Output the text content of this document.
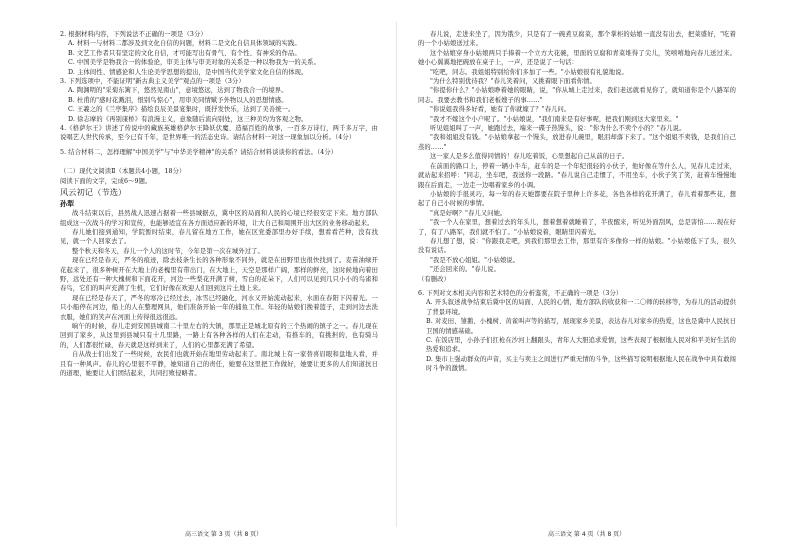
2. 根据材料内容，下列说法不正确的一项是（3分）

A. 材料一与材料二都涉及到文化自信的问题，材料二是文化自信具体领域的实践。

B. 文艺工作者只有坚定的文化自信，才可能写出有骨气、有个性、有神采的作品。

C. 中国美学是物我合一的体验论，审美主体与审美对象的关系是一种以物我为一的关系。

D. 主体间性、情感论和人生论美学思想的提出，是中国当代美学家文化自信的体现。

3. 下列选项中，不能证明"新古典主义美学"观点的一项是（3分）

A. 陶渊明的"采菊东篱下，悠然见南山"，意境悠远，达到了物我合一的境界。

B. 杜甫的"感时花溅泪，恨别鸟惊心"，用审美同情赋予外物以人的思想情感。

C. 王羲之的《兰亭集序》描绘良辰美景宴集时，既抒发快乐，达到了美善统一。

D. 徐志摩的《再别康桥》有浪漫主义，意象随后流向别处，这三种美均为客观之物。

4.《格萨尔王》讲述了传说中的藏族英雄格萨尔王降妖伏魔、造福百姓的故事，一百多万诗行，两千多万字，由说唱艺人世代传承，至今已有千年，是世界唯一的活态史诗。请结合材料一对这一现象加以分析。（4分）

5. 结合材料二，怎样理解"中国美学"与"中华美学精神"的关系？请结合材料谈谈你的看法。（4分）

（二）现代文阅读Ⅱ（本题共4小题，18分）

阅读下面的文字，完成6～9题。

风云初记（节选）

孙犁

战斗结束以后，县然战人迅速占据着一些县城据点，冀中区的局面和人民的心境已经很安定下来。地方部队组成这一次战斗的学习和宣传，也能够适宜在各方面适应新的环境，让大自己和周围开出大区的业务移动起来。

春儿她们接到通知，学院暂时结束，春儿留在地方工作，她在区党委部里办好手续，想看看芒种，没有找见，就一个人回家去了。

整个秋天和冬天，春儿一个人的这时节，今年是第一次在城外过了。

现在已经是春天，严冬的痕迹，除去枝条生长的各种形象不同外，就是在田野里也很快找到了。麦苗油绿开花起来了，很多种树开在大地上的老槐里有带出门，在大地上，天空是那样广阔，那样的鲜亮，这时候地向着田野，远处还有一种大槐树和下面花开，河边一些梨花开满了树，雪白的花朵下，人们可以见到几只小小的鸟雀和春鸟，它们的叫声充满了生机，它们好像在欢迎人们回到这片土地上来。

现在已经是春天了，严冬的寒冷已经过去，冰雪已经融化，河水又开始流动起来，水面在春阳下闪着光。一只小船停在河边，船上的人在整理网具，他们准备开始一年的捕鱼工作。年轻的姑娘们挽着篮子，走到河边去洗衣服，她们的笑声在河面上传得很远很远。

晌午的时候，春儿走到安国县城南二十里左右的大镇，那里正是城北原有的三个热闹的镇子之一。春儿现在回到了家乡，从这里到县城只有十几里路，一路上有各种各样的人们在走动，有推车的，有挑担的，也有骑马的，人们都很忙碌，春天就是这样到来了，人们的心里都充满了希望。

自从战士们出发了一些时候，农民们也就开始在地里劳动起来了。南北城上有一家替喜眉眼和盘地人看，并且有一种风声。春儿的心里很不平静，她知道自己的责任，她要在这里把工作做好，她要让更多的人们知道抗日的道理，她要让人们团结起来，共同打败侵略者。

春儿说，走进来坐了，因为饿少，只是有了一碗煮豆腐菜，那个掌柜的姑娘一直没有出去，把菜盛好，"吃着的一个小姑娘送过来。

这个姑娘穿身小姑娘两只手捧着一个立方大花碗，里面的豆腐和青菜堆得了尖儿，笑嘻嘻地向春儿送过来。她小心翼翼地把碗放在桌子上，一声，还是说了一句话：

"吃吧，同志。我姐姐特别给你们多加了一些。"小姑娘很有礼貌地说。

"为什么特别优待我？"春儿笑着问，又挑着眼下面看你情。

"你提你什么？"小姑娘睁着她的眼睛，说，"你从城上走过来，我们老远就看见你了，就知道你是个八路军的同志。我要去教书和我们老板嫂子的事……"

"你说姐我得多好看，她有了你就嫁了？"春儿问。

"我才不嫁这个小户呢了。"小姑娘说，"我们南来是有好事呢，把我们刚到这大家里来。"

听见姐姐叫了一声，她跑过去，端来一碟子热馒头，说："你为什么不卖个小的？"春儿说。

"我和姐姐没有钱。"小姑娘拿起一个馒头，放进春儿碗里，眼泪却落下来了。"这个姐姐不卖钱，是我们自己蒸的……"

这一家人是多么值得同情的！春儿吃着饭，心里想起自己从前的日子。

在前面的路口上，停着一辆小牛车，赶车的是一个年纪很轻的小伙子，他好像在等什么人，见春儿走过来，就站起来招呼："同志，坐车吧，我送你一段路。"春儿说自己走惯了，不用坐车，小伙子笑了笑，赶着车慢慢地跟在后面走，一边走一边唱着家乡的小调。

小姑娘的手很灵巧，每一年的春天她都要在院子里种上许多花，各色各样的花开满了，春儿看着那些花，想起了自己小时候的事情。

"真是好啊？"春儿又问她。

"我一个人在家里，想着过去的年头儿，想着想着就睡着了，半夜醒来，听见外面刮风，总是害怕……现在好了，有了八路军，我们就不怕了。"小姑娘说着，眼睛里闪着光。

春儿想了想，说："你跟我走吧，到我们那里去工作，那里有许多像你一样的姑娘。"小姑娘低下了头，很久没有说话。

"我是不放心姐姐。"小姑娘说。

"还会回来的。"春儿说。

（有删改）

6. 下列对文本相关内容和艺术特色的分析鉴赏，不正确的一项是（3分）

A. 开头叙述战争结束后冀中区的局面、人民的心情，地方部队的收获和一二〇师的转移等，为春儿的活动提供了背景环境。

B. 对麦田、雏鹅、小槐树、黄雀叫声等的描写，展现家乡美景，表达春儿对家乡的热爱，这也是冀中人民抗日卫国的情感基础。

C. 在饭店里，小孙子们扛枪在沙河上翻跟头，青年人大胆追求爱情，这些表现了根据地人民对和平美好生活的热爱和追求。

D. 集市上强动群众的声音，买主与卖主之间进行严重无情的斗争，这些描写说明根据地人民在战争中具有敢闯时斗争的激情。

高三语文 第 3 页（共 8 页）	高三语文 第 4 页（共 8 页）
